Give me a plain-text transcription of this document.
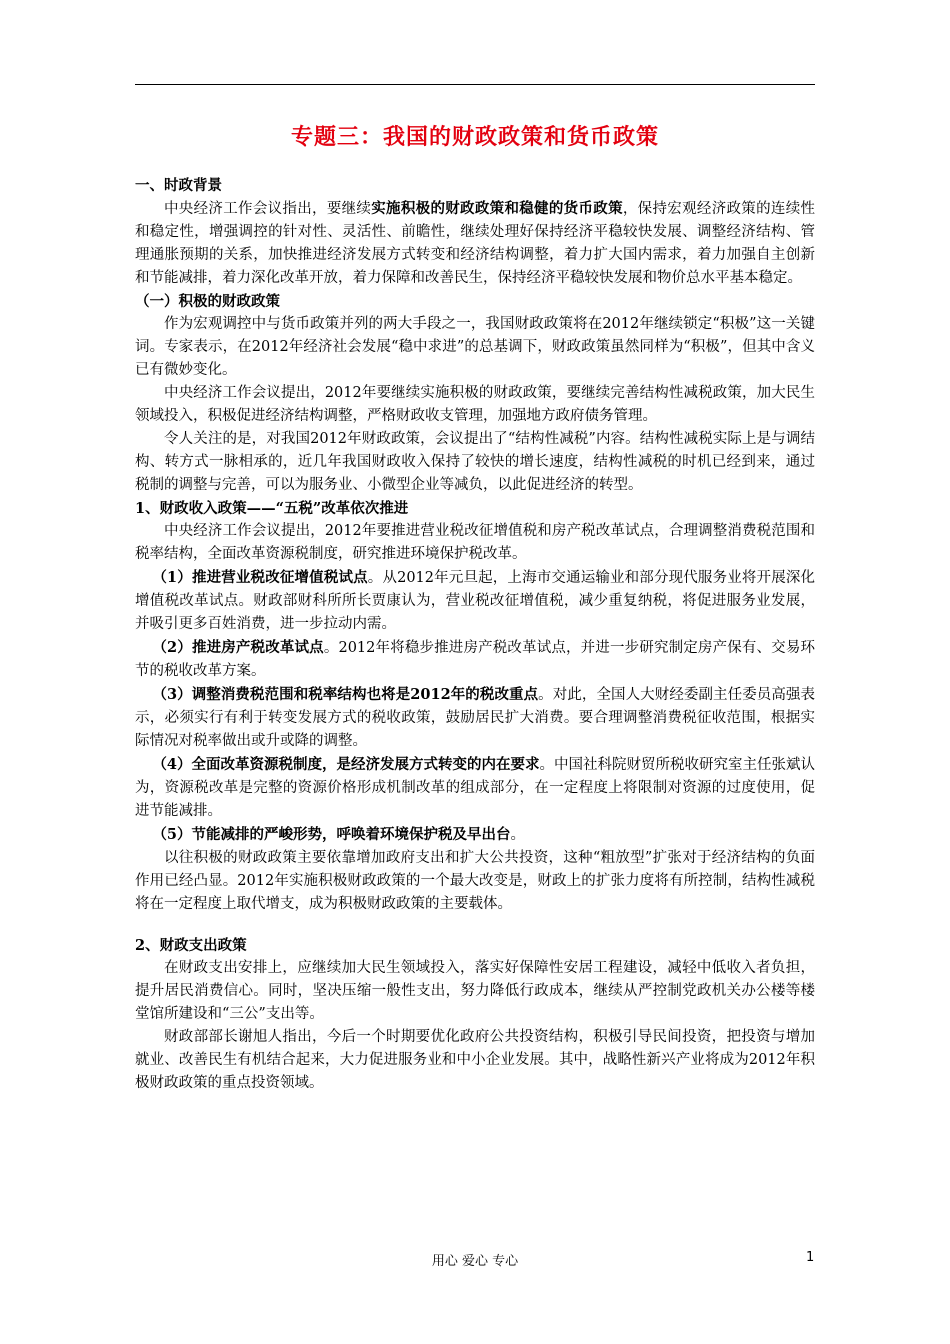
专题三：我国的财政政策和货币政策

一、时政背景

中央经济工作会议指出，要继续实施积极的财政政策和稳健的货币政策，保持宏观经济政策的连续性和稳定性，增强调控的针对性、灵活性、前瞻性，继续处理好保持经济平稳较快发展、调整经济结构、管理通胀预期的关系，加快推进经济发展方式转变和经济结构调整，着力扩大国内需求，着力加强自主创新和节能减排，着力深化改革开放，着力保障和改善民生，保持经济平稳较快发展和物价总水平基本稳定。

（一）积极的财政政策

作为宏观调控中与货币政策并列的两大手段之一，我国财政政策将在2012年继续锁定“积极”这一关键词。专家表示，在2012年经济社会发展“稳中求进”的总基调下，财政政策虽然同样为“积极”，但其中含义已有微妙变化。

中央经济工作会议提出，2012年要继续实施积极的财政政策，要继续完善结构性减税政策，加大民生领域投入，积极促进经济结构调整，严格财政收支管理，加强地方政府债务管理。

令人关注的是，对我国2012年财政政策，会议提出了“结构性减税”内容。结构性减税实际上是与调结构、转方式一脉相承的，近几年我国财政收入保持了较快的增长速度，结构性减税的时机已经到来，通过税制的调整与完善，可以为服务业、小微型企业等减负，以此促进经济的转型。

1、财政收入政策——“五税”改革依次推进

中央经济工作会议提出，2012年要推进营业税改征增值税和房产税改革试点，合理调整消费税范围和税率结构，全面改革资源税制度，研究推进环境保护税改革。

（1）推进营业税改征增值税试点。从2012年元旦起，上海市交通运输业和部分现代服务业将开展深化增值税改革试点。财政部财科所所长贾康认为，营业税改征增值税，减少重复纳税，将促进服务业发展，并吸引更多百姓消费，进一步拉动内需。

（2）推进房产税改革试点。2012年将稳步推进房产税改革试点，并进一步研究制定房产保有、交易环节的税收改革方案。

（3）调整消费税范围和税率结构也将是2012年的税改重点。对此，全国人大财经委副主任委员高强表示，必须实行有利于转变发展方式的税收政策，鼓励居民扩大消费。要合理调整消费税征收范围，根据实际情况对税率做出或升或降的调整。

（4）全面改革资源税制度，是经济发展方式转变的内在要求。中国社科院财贸所税收研究室主任张斌认为，资源税改革是完整的资源价格形成机制改革的组成部分，在一定程度上将限制对资源的过度使用，促进节能减排。

（5）节能减排的严峻形势，呼唤着环境保护税及早出台。

以往积极的财政政策主要依靠增加政府支出和扩大公共投资，这种“粗放型”扩张对于经济结构的负面作用已经凸显。2012年实施积极财政政策的一个最大改变是，财政上的扩张力度将有所控制，结构性减税将在一定程度上取代增支，成为积极财政政策的主要载体。

2、财政支出政策

在财政支出安排上，应继续加大民生领域投入，落实好保障性安居工程建设，减轻中低收入者负担，提升居民消费信心。同时，坚决压缩一般性支出，努力降低行政成本，继续从严控制党政机关办公楼等楼堂馆所建设和“三公”支出等。

财政部部长谢旭人指出，今后一个时期要优化政府公共投资结构，积极引导民间投资，把投资与增加就业、改善民生有机结合起来，大力促进服务业和中小企业发展。其中，战略性新兴产业将成为2012年积极财政政策的重点投资领域。

用心 爱心 专心	1
